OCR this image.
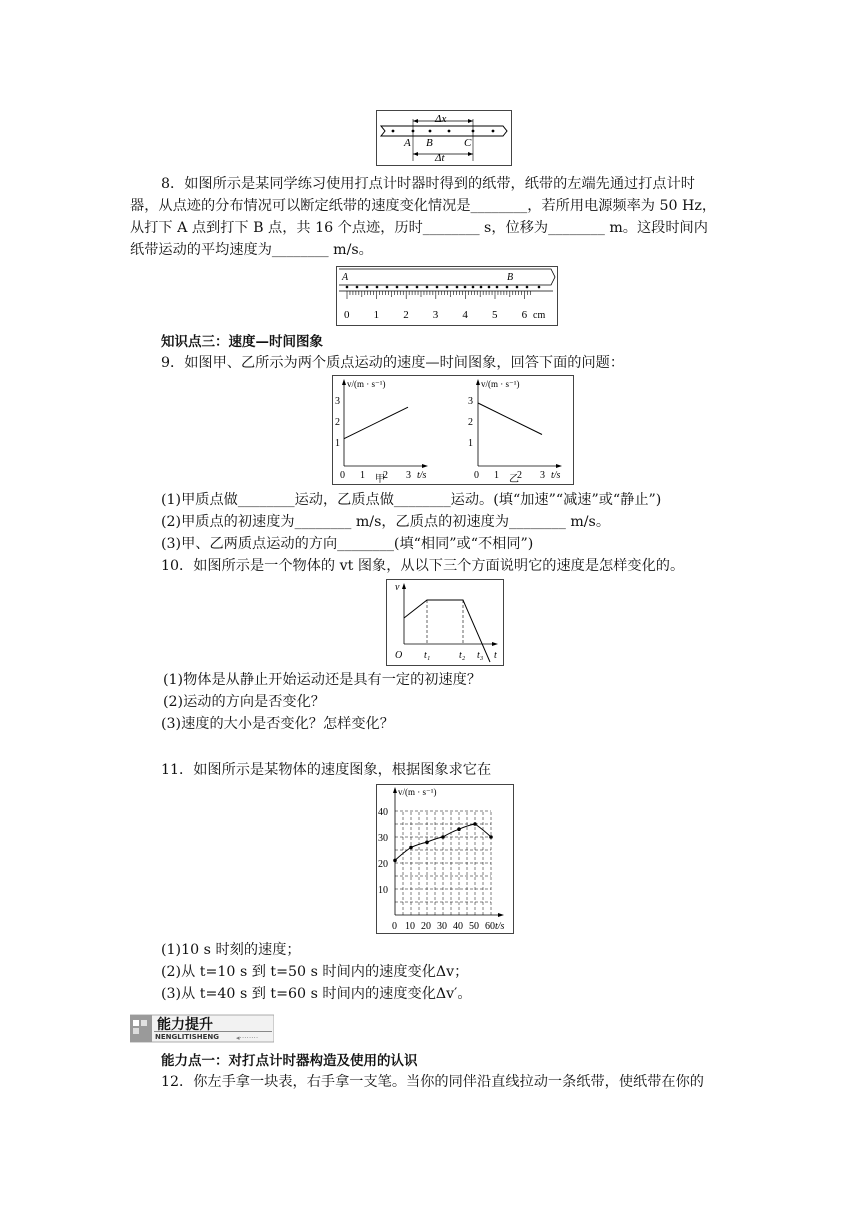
Δx
A B	C
Δt
8．如图所示是某同学练习使用打点计时器时得到的纸带，纸带的左端先通过打点计时
器，从点迹的分布情况可以断定纸带的速度变化情况是________，若所用电源频率为 50 Hz，
从打下 A 点到打下 B 点，共 16 个点迹，历时________ s，位移为________ m。这段时间内
纸带运动的平均速度为________ m/s。
A	B
0 1 2 3 4 5 6 cm
知识点三：速度—时间图象
9．如图甲、乙所示为两个质点运动的速度—时间图象，回答下面的问题：
v/(m · s⁻¹)
1
2
3
0 1 2 3 t/s
甲
v/(m · s⁻¹)
1
2
3
0 1 2 3 t/s
乙
(1)甲质点做________运动，乙质点做________运动。(填“加速”“减速”或“静止”)
(2)甲质点的初速度为________ m/s，乙质点的初速度为________ m/s。
(3)甲、乙两质点运动的方向________(填“相同”或“不相同”)
10．如图所示是一个物体的 vt 图象，从以下三个方面说明它的速度是怎样变化的。
v
O	t
t₁	t₂ t₃
(1)物体是从静止开始运动还是具有一定的初速度？
(2)运动的方向是否变化？
(3)速度的大小是否变化？怎样变化？
11．如图所示是某物体的速度图象，根据图象求它在
v/(m · s⁻¹)
10
20
30
40
0 10 20 30 40 50 60 t/s
(1)10 s 时刻的速度；
(2)从 t=10 s 到 t=50 s 时间内的速度变化Δv；
(3)从 t=40 s 到 t=60 s 时间内的速度变化Δv′。
◂········
能力提升
NENGLITISHENG
能力点一：对打点计时器构造及使用的认识
12．你左手拿一块表，右手拿一支笔。当你的同伴沿直线拉动一条纸带，使纸带在你的
